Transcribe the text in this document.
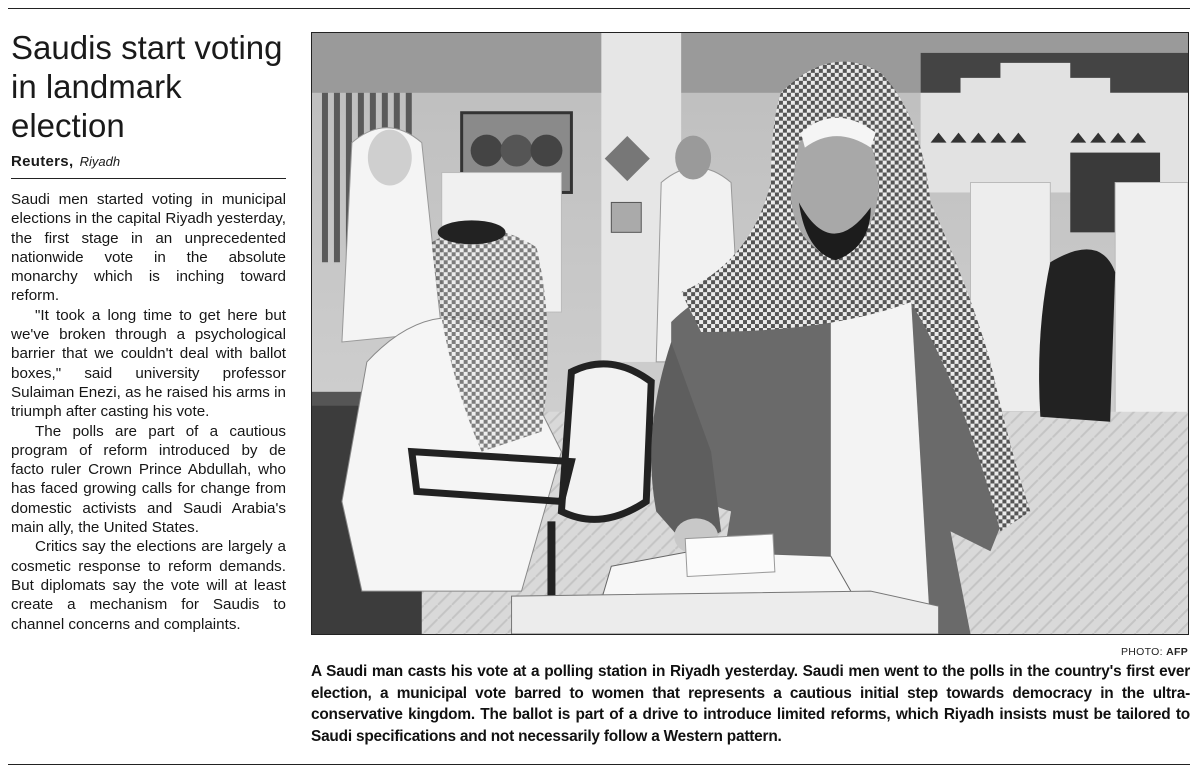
Saudis start voting in landmark election
Reuters, Riyadh

Saudi men started voting in municipal elections in the capital Riyadh yesterday, the first stage in an unprecedented nationwide vote in the absolute monarchy which is inching toward reform.

"It took a long time to get here but we've broken through a psychological barrier that we couldn't deal with ballot boxes," said university professor Sulaiman Enezi, as he raised his arms in triumph after casting his vote.

The polls are part of a cautious program of reform introduced by de facto ruler Crown Prince Abdullah, who has faced growing calls for change from domestic activists and Saudi Arabia's main ally, the United States.

Critics say the elections are largely a cosmetic response to reform demands. But diplomats say the vote will at least create a mechanism for Saudis to channel concerns and complaints.

PHOTO: AFP

A Saudi man casts his vote at a polling station in Riyadh yesterday. Saudi men went to the polls in the country's first ever election, a municipal vote barred to women that represents a cautious initial step towards democracy in the ultra-conservative kingdom. The ballot is part of a drive to introduce limited reforms, which Riyadh insists must be tailored to Saudi specifications and not necessarily follow a Western pattern.
